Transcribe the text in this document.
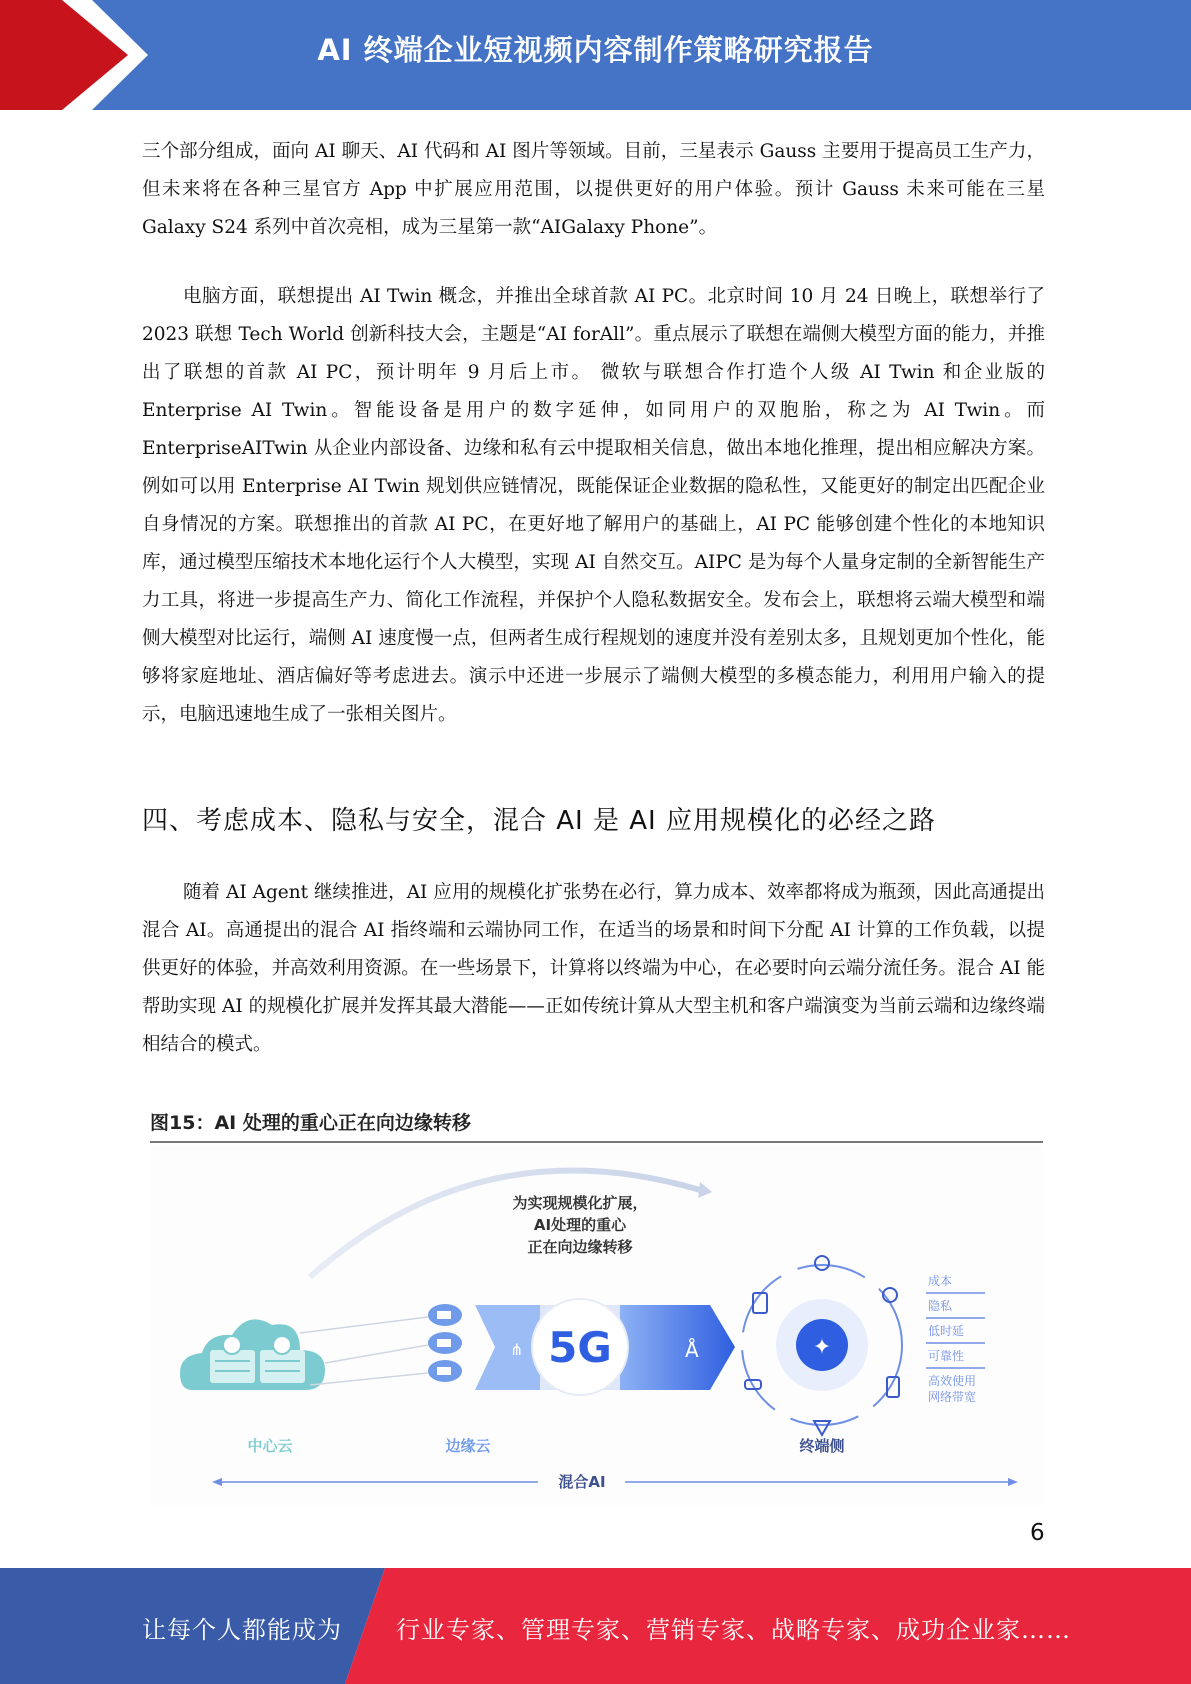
AI 终端企业短视频内容制作策略研究报告

三个部分组成，面向 AI 聊天、AI 代码和 AI 图片等领域。目前，三星表示 Gauss 主要用于提高员工生产力，但未来将在各种三星官方 App 中扩展应用范围，以提供更好的用户体验。预计 Gauss 未来可能在三星 Galaxy S24 系列中首次亮相，成为三星第一款“AIGalaxy Phone”。

电脑方面，联想提出 AI Twin 概念，并推出全球首款 AI PC。北京时间 10 月 24 日晚上，联想举行了 2023 联想 Tech World 创新科技大会，主题是“AI forAll”。重点展示了联想在端侧大模型方面的能力，并推出了联想的首款 AI PC，预计明年 9 月后上市。 微软与联想合作打造个人级 AI Twin 和企业版的 Enterprise AI Twin。智能设备是用户的数字延伸，如同用户的双胞胎，称之为 AI Twin。而 EnterpriseAITwin 从企业内部设备、边缘和私有云中提取相关信息，做出本地化推理，提出相应解决方案。例如可以用 Enterprise AI Twin 规划供应链情况，既能保证企业数据的隐私性，又能更好的制定出匹配企业自身情况的方案。联想推出的首款 AI PC，在更好地了解用户的基础上，AI PC 能够创建个性化的本地知识库，通过模型压缩技术本地化运行个人大模型，实现 AI 自然交互。AIPC 是为每个人量身定制的全新智能生产力工具，将进一步提高生产力、简化工作流程，并保护个人隐私数据安全。发布会上，联想将云端大模型和端侧大模型对比运行，端侧 AI 速度慢一点，但两者生成行程规划的速度并没有差别太多，且规划更加个性化，能够将家庭地址、酒店偏好等考虑进去。演示中还进一步展示了端侧大模型的多模态能力，利用用户输入的提示，电脑迅速地生成了一张相关图片。

四、考虑成本、隐私与安全，混合 AI 是 AI 应用规模化的必经之路

随着 AI Agent 继续推进，AI 应用的规模化扩张势在必行，算力成本、效率都将成为瓶颈，因此高通提出混合 AI。高通提出的混合 AI 指终端和云端协同工作，在适当的场景和时间下分配 AI 计算的工作负载，以提供更好的体验，并高效利用资源。在一些场景下，计算将以终端为中心，在必要时向云端分流任务。混合 AI 能帮助实现 AI 的规模化扩展并发挥其最大潜能——正如传统计算从大型主机和客户端演变为当前云端和边缘终端相结合的模式。

图15：AI 处理的重心正在向边缘转移
为实现规模化扩展，
AI处理的重心
正在向边缘转移
⋔	Å
5G	✦
成本
隐私
低时延
可靠性
高效使用
网络带宽
中心云	边缘云	终端侧
混合AI
6
让每个人都能成为 行业专家、管理专家、营销专家、战略专家、成功企业家……
